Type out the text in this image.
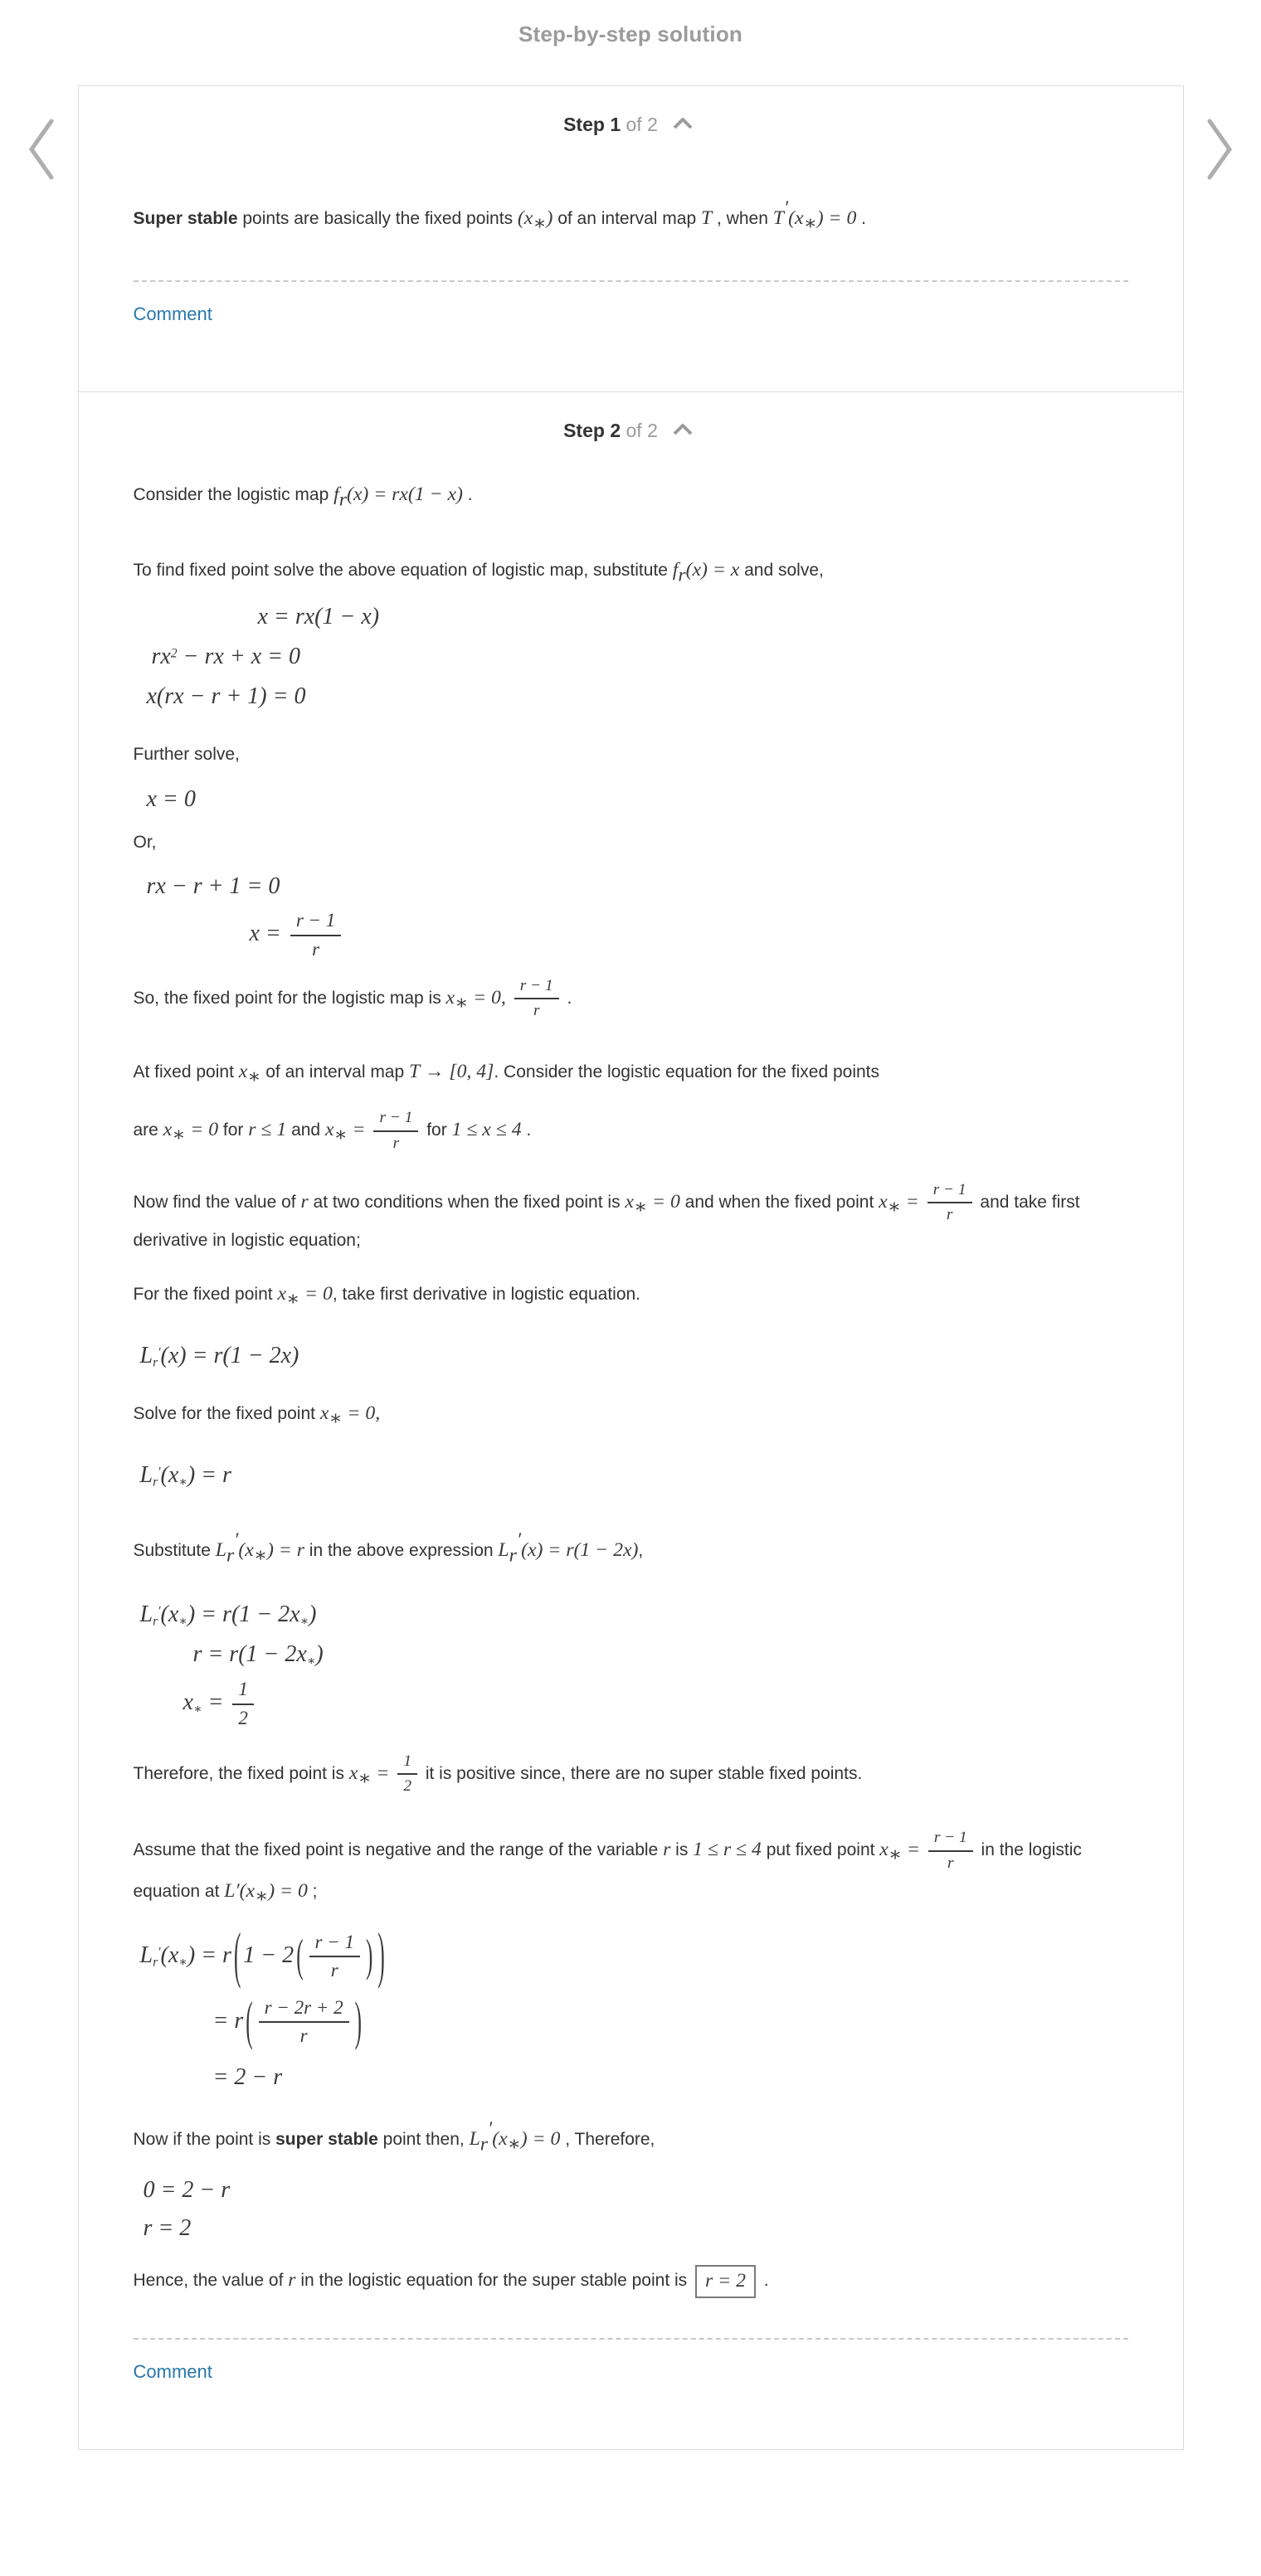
Step-by-step solution
Step 1 of 2
Super stable points are basically the fixed points (x∗) of an interval map T , when T′(x∗) = 0 .
Comment
Step 2 of 2
Consider the logistic map fr(x) = rx(1 − x) .
To find fixed point solve the above equation of logistic map, substitute fr(x) = x and solve,
x = rx(1 − x)
$rx^2$ − rx + x = 0
x(rx − r + 1) = 0
Further solve,
x = 0
Or,
rx − r + 1 = 0
$x = \frac{r - 1}{r}$
So, the fixed point for the logistic map is x∗ = 0, $\frac{r - 1}{r}$ .
At fixed point x∗ of an interval map T → [0, 4]. Consider the logistic equation for the fixed points
are x∗ = 0 for r ≤ 1 and x∗ = $\frac{r - 1}{r}$ for 1 ≤ x ≤ 4 .
Now find the value of r at two conditions when the fixed point is x∗ = 0 and when the fixed point x∗ = $\frac{r - 1}{r}$ and take first derivative in logistic equation;
For the fixed point x∗ = 0, take first derivative in logistic equation.
Lr′(x) = r(1 − 2x)
Solve for the fixed point x∗ = 0,
Lr′(x∗) = r
Substitute Lr′(x∗) = r in the above expression Lr′(x) = r(1 − 2x),
Lr′(x∗) = r(1 − 2x∗)
r = r(1 − 2x∗)
x∗ = $\frac{1}{2}$
Therefore, the fixed point is x∗ = $\frac{1}{2}$ it is positive since, there are no super stable fixed points.
Assume that the fixed point is negative and the range of the variable r is 1 ≤ r ≤ 4 put fixed point x∗ = $\frac{r - 1}{r}$ in the logistic equation at L′(x∗) = 0 ;
Lr′(x∗) = r ( 1 − 2 ( $\frac{r - 1}{r}$ ) )
= r ( $\frac{r - 2r + 2}{r}$ )
= 2 − r
Now if the point is super stable point then, Lr′(x∗) = 0 , Therefore,
0 = 2 − r
r = 2
Hence, the value of r in the logistic equation for the super stable point is r = 2 .
Comment
